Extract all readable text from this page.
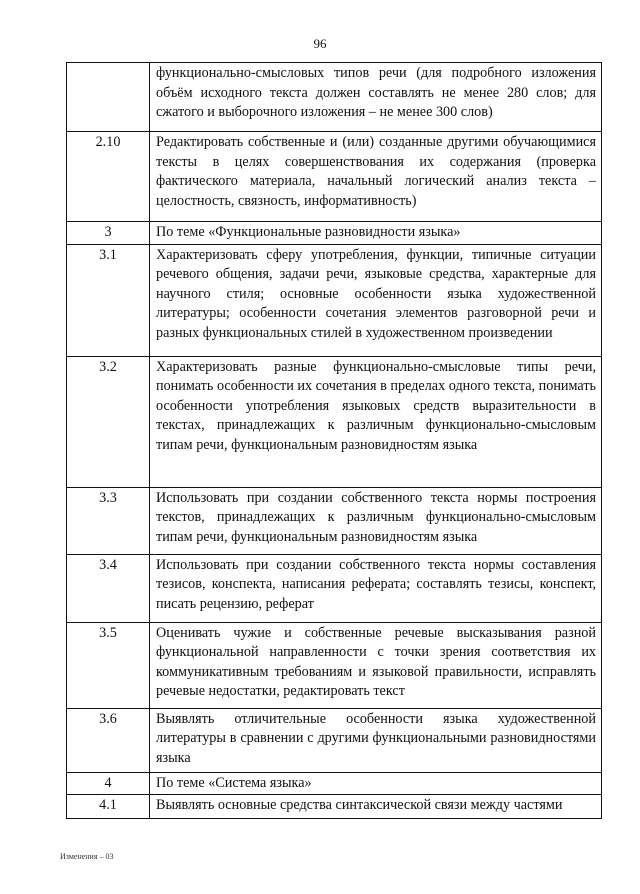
96
	функционально-смысловых типов речи (для подробного изложения объём исходного текста должен составлять не менее 280 слов; для сжатого и выборочного изложения – не менее 300 слов)
2.10	Редактировать собственные и (или) созданные другими обучающимися тексты в целях совершенствования их содержания (проверка фактического материала, начальный логический анализ текста – целостность, связность, информативность)
3	По теме «Функциональные разновидности языка»
3.1	Характеризовать сферу употребления, функции, типичные ситуации речевого общения, задачи речи, языковые средства, характерные для научного стиля; основные особенности языка художественной литературы; особенности сочетания элементов разговорной речи и разных функциональных стилей в художественном произведении
3.2	Характеризовать разные функционально-смысловые типы речи, понимать особенности их сочетания в пределах одного текста, понимать особенности употребления языковых средств выразительности в текстах, принадлежащих к различным функционально-смысловым типам речи, функциональным разновидностям языка
3.3	Использовать при создании собственного текста нормы построения текстов, принадлежащих к различным функционально-смысловым типам речи, функциональным разновидностям языка
3.4	Использовать при создании собственного текста нормы составления тезисов, конспекта, написания реферата; составлять тезисы, конспект, писать рецензию, реферат
3.5	Оценивать чужие и собственные речевые высказывания разной функциональной направленности с точки зрения соответствия их коммуникативным требованиям и языковой правильности, исправлять речевые недостатки, редактировать текст
3.6	Выявлять отличительные особенности языка художественной литературы в сравнении с другими функциональными разновидностями языка
4	По теме «Система языка»
4.1	Выявлять основные средства синтаксической связи между частями
Изменения – 03
